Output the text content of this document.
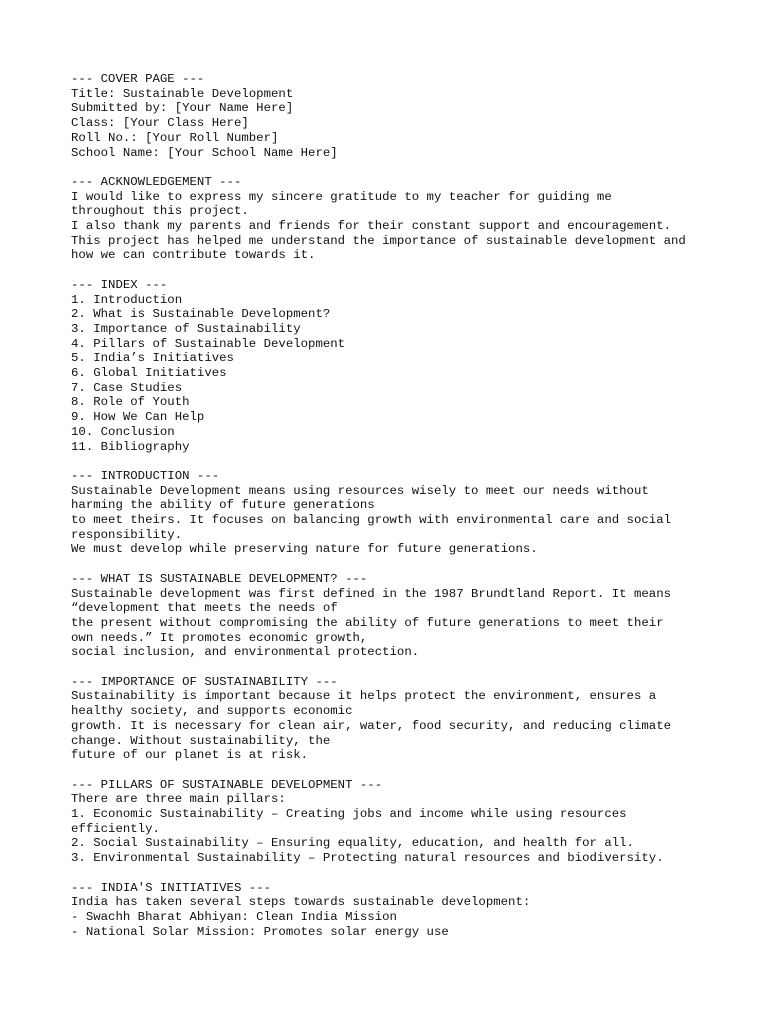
--- COVER PAGE ---

Title: Sustainable Development

Submitted by: [Your Name Here]

Class: [Your Class Here]

Roll No.: [Your Roll Number]

School Name: [Your School Name Here]

--- ACKNOWLEDGEMENT ---

I would like to express my sincere gratitude to my teacher for guiding me

throughout this project.

I also thank my parents and friends for their constant support and encouragement.

This project has helped me understand the importance of sustainable development and

how we can contribute towards it.

--- INDEX ---

1. Introduction

2. What is Sustainable Development?

3. Importance of Sustainability

4. Pillars of Sustainable Development

5. India’s Initiatives

6. Global Initiatives

7. Case Studies

8. Role of Youth

9. How We Can Help

10. Conclusion

11. Bibliography

--- INTRODUCTION ---

Sustainable Development means using resources wisely to meet our needs without

harming the ability of future generations

to meet theirs. It focuses on balancing growth with environmental care and social

responsibility.

We must develop while preserving nature for future generations.

--- WHAT IS SUSTAINABLE DEVELOPMENT? ---

Sustainable development was first defined in the 1987 Brundtland Report. It means

“development that meets the needs of

the present without compromising the ability of future generations to meet their

own needs.” It promotes economic growth,

social inclusion, and environmental protection.

--- IMPORTANCE OF SUSTAINABILITY ---

Sustainability is important because it helps protect the environment, ensures a

healthy society, and supports economic

growth. It is necessary for clean air, water, food security, and reducing climate

change. Without sustainability, the

future of our planet is at risk.

--- PILLARS OF SUSTAINABLE DEVELOPMENT ---

There are three main pillars:

1. Economic Sustainability – Creating jobs and income while using resources

efficiently.

2. Social Sustainability – Ensuring equality, education, and health for all.

3. Environmental Sustainability – Protecting natural resources and biodiversity.

--- INDIA'S INITIATIVES ---

India has taken several steps towards sustainable development:

- Swachh Bharat Abhiyan: Clean India Mission

- National Solar Mission: Promotes solar energy use
